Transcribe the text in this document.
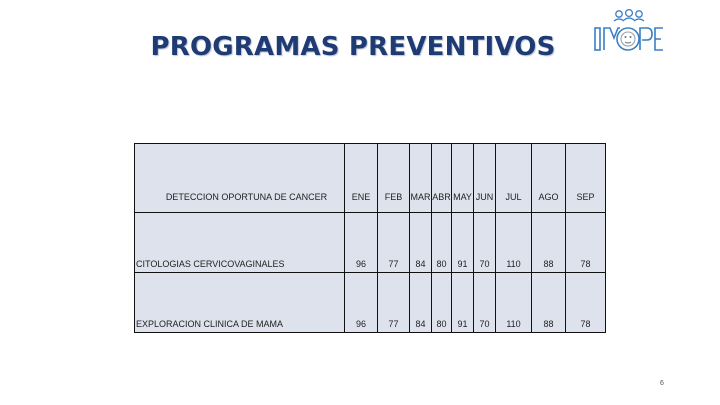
PROGRAMAS PREVENTIVOS
DETECCION OPORTUNA DE CANCER	ENE	FEB	MAR	ABR	MAY	JUN	JUL	AGO	SEP
CITOLOGIAS CERVICOVAGINALES	96	77	84	80	91	70	110	88	78
EXPLORACION CLINICA DE MAMA	96	77	84	80	91	70	110	88	78
6
